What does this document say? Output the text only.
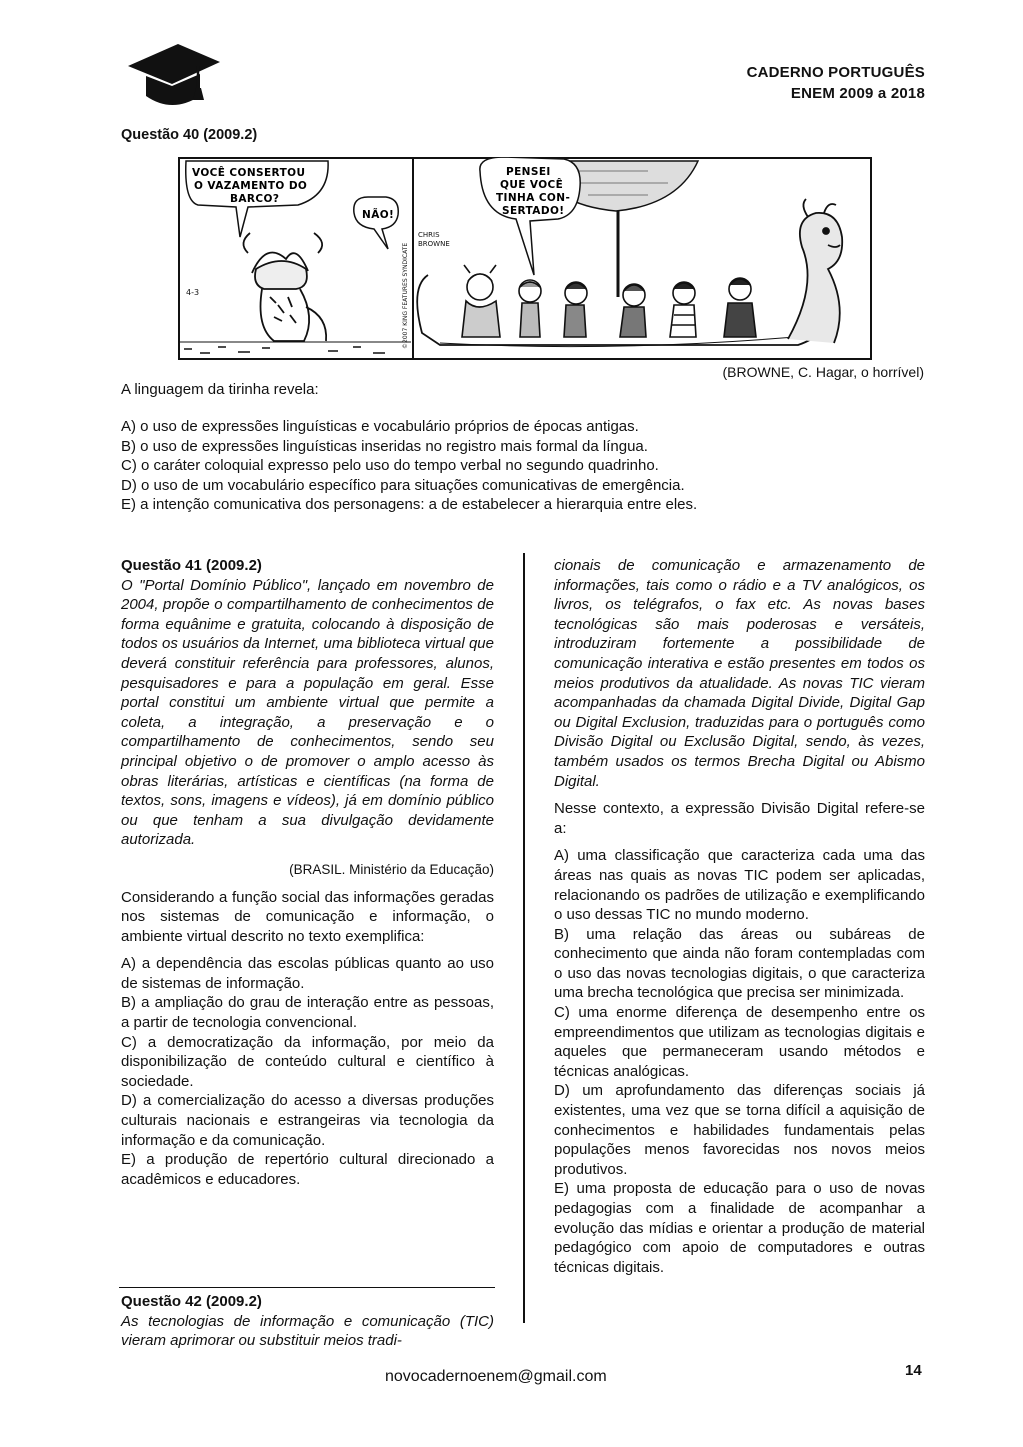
CADERNO PORTUGUÊS
ENEM 2009 a 2018
Questão 40 (2009.2)
VOCÊ CONSERTOU
O VAZAMENTO DO
BARCO?
NÃO!
4-3	©2007 KING FEATURES SYNDICATE
PENSEI
QUE VOCÊ
TINHA CON-
SERTADO!
CHRIS
BROWNE
(BROWNE, C. Hagar, o horrível)
A linguagem da tirinha revela:
A) o uso de expressões linguísticas e vocabulário próprios de épocas antigas.
B) o uso de expressões linguísticas inseridas no registro mais formal da língua.
C) o caráter coloquial expresso pelo uso do tempo verbal no segundo quadrinho.
D) o uso de um vocabulário específico para situações comunicativas de emergência.
E) a intenção comunicativa dos personagens: a de estabelecer a hierarquia entre eles.
Questão 41 (2009.2)
O "Portal Domínio Público", lançado em novembro de 2004, propõe o compartilhamento de conhecimentos de forma equânime e gratuita, colocando à disposição de todos os usuários da Internet, uma biblioteca virtual que deverá constituir referência para professores, alunos, pesquisadores e para a população em geral. Esse portal constitui um ambiente virtual que permite a coleta, a integração, a preservação e o compartilhamento de conhecimentos, sendo seu principal objetivo o de promover o amplo acesso às obras literárias, artísticas e científicas (na forma de textos, sons, imagens e vídeos), já em domínio público ou que tenham a sua divulgação devidamente autorizada.
(BRASIL. Ministério da Educação)
Considerando a função social das informações geradas nos sistemas de comunicação e informação, o ambiente virtual descrito no texto exemplifica:
A) a dependência das escolas públicas quanto ao uso de sistemas de informação.
B) a ampliação do grau de interação entre as pessoas, a partir de tecnologia convencional.
C) a democratização da informação, por meio da disponibilização de conteúdo cultural e científico à sociedade.
D) a comercialização do acesso a diversas produções culturais nacionais e estrangeiras via tecnologia da informação e da comunicação.
E) a produção de repertório cultural direcionado a acadêmicos e educadores.
Questão 42 (2009.2)
As tecnologias de informação e comunicação (TIC) vieram aprimorar ou substituir meios tradi-
cionais de comunicação e armazenamento de informações, tais como o rádio e a TV analógicos, os livros, os telégrafos, o fax etc. As novas bases tecnológicas são mais poderosas e versáteis, introduziram fortemente a possibilidade de comunicação interativa e estão presentes em todos os meios produtivos da atualidade. As novas TIC vieram acompanhadas da chamada Digital Divide, Digital Gap ou Digital Exclusion, traduzidas para o português como Divisão Digital ou Exclusão Digital, sendo, às vezes, também usados os termos Brecha Digital ou Abismo Digital.
Nesse contexto, a expressão Divisão Digital refere-se a:
A) uma classificação que caracteriza cada uma das áreas nas quais as novas TIC podem ser aplicadas, relacionando os padrões de utilização e exemplificando o uso dessas TIC no mundo moderno.
B) uma relação das áreas ou subáreas de conhecimento que ainda não foram contempladas com o uso das novas tecnologias digitais, o que caracteriza uma brecha tecnológica que precisa ser minimizada.
C) uma enorme diferença de desempenho entre os empreendimentos que utilizam as tecnologias digitais e aqueles que permaneceram usando métodos e técnicas analógicas.
D) um aprofundamento das diferenças sociais já existentes, uma vez que se torna difícil a aquisição de conhecimentos e habilidades fundamentais pelas populações menos favorecidas nos novos meios produtivos.
E) uma proposta de educação para o uso de novas pedagogias com a finalidade de acompanhar a evolução das mídias e orientar a produção de material pedagógico com apoio de computadores e outras técnicas digitais.
novocadernoenem@gmail.com	14
